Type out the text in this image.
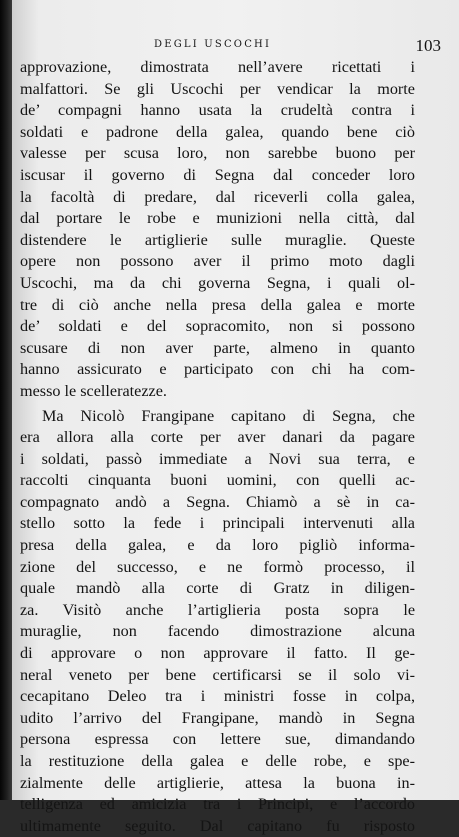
DEGLI USCOCHI	103
approvazione, dimostrata nell’avere ricettati i
malfattori. Se gli Uscochi per vendicar la morte
de’ compagni hanno usata la crudeltà contra i
soldati e padrone della galea, quando bene ciò
valesse per scusa loro, non sarebbe buono per
iscusar il governo di Segna dal conceder loro
la facoltà di predare, dal riceverli colla galea,
dal portare le robe e munizioni nella città, dal
distendere le artiglierie sulle muraglie. Queste
opere non possono aver il primo moto dagli
Uscochi, ma da chi governa Segna, i quali ol-
tre di ciò anche nella presa della galea e morte
de’ soldati e del sopracomito, non si possono
scusare di non aver parte, almeno in quanto
hanno assicurato e participato con chi ha com-
messo le scelleratezze.
Ma Nicolò Frangipane capitano di Segna, che
era allora alla corte per aver danari da pagare
i soldati, passò immediate a Novi sua terra, e
raccolti cinquanta buoni uomini, con quelli ac-
compagnato andò a Segna. Chiamò a sè in ca-
stello sotto la fede i principali intervenuti alla
presa della galea, e da loro pigliò informa-
zione del successo, e ne formò processo, il
quale mandò alla corte di Gratz in diligen-
za. Visitò anche l’artiglieria posta sopra le
muraglie, non facendo dimostrazione alcuna
di approvare o non approvare il fatto. Il ge-
neral veneto per bene certificarsi se il solo vi-
cecapitano Deleo tra i ministri fosse in colpa,
udito l’arrivo del Frangipane, mandò in Segna
persona espressa con lettere sue, dimandando
la restituzione della galea e delle robe, e spe-
zialmente delle artiglierie, attesa la buona in-
telligenza ed amicizia tra i Principi, e l’accordo
ultimamente seguito. Dal capitano fu risposto
